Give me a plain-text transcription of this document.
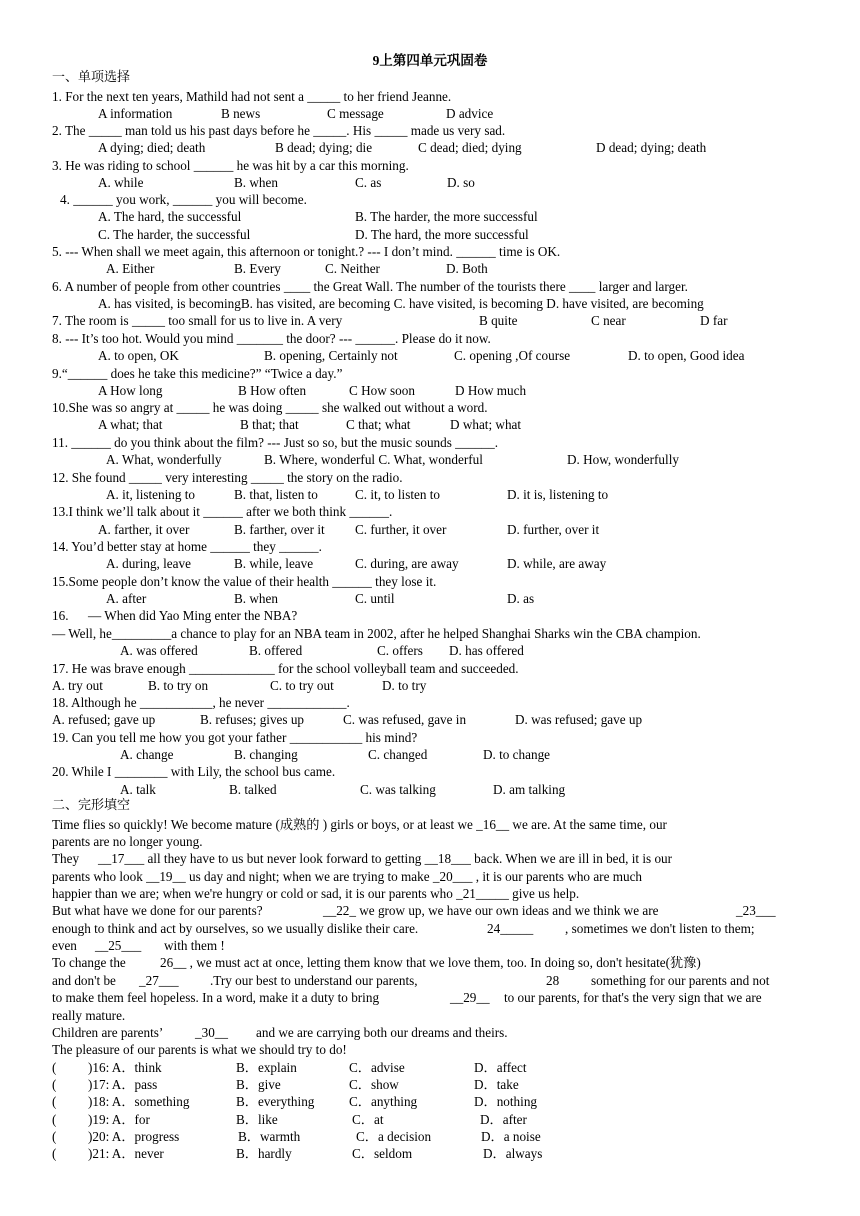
9上第四单元巩固卷
一、单项选择
1. For the next ten years, Mathild had not sent a _____ to her friend Jeanne.
A information	B news	C message	D advice
2. The _____ man told us his past days before he _____. His _____ made us very sad.
A dying; died; death	B dead; dying; die	C dead; died; dying	D dead; dying; death
3. He was riding to school ______ he was hit by a car this morning.
A. while	B. when	C. as	D. so
4. ______ you work, ______ you will become.
A. The hard, the successful	B. The harder, the more successful
C. The harder, the successful	D. The hard, the more successful
5. --- When shall we meet again, this afternoon or tonight.? --- I don’t mind. ______ time is OK.
A. Either	B. Every	C. Neither	D. Both
6. A number of people from other countries ____ the Great Wall. The number of the tourists there ____ larger and larger.
A. has visited, is becomingB. has visited, are becoming C. have visited, is becoming D. have visited, are becoming
7. The room is _____ too small for us to live in. A very	B quite	C near	D far
8. --- It’s too hot. Would you mind _______ the door? --- ______. Please do it now.
A. to open, OK	B. opening, Certainly not	C. opening ,Of course	D. to open, Good idea
9.“______ does he take this medicine?” “Twice a day.”
A How long	B How often	C How soon	D How much
10.She was so angry at _____ he was doing _____ she walked out without a word.
A what; that	B that; that	C that; what	D what; what
11. ______ do you think about the film? --- Just so so, but the music sounds ______.
A. What, wonderfully	B. Where, wonderful C. What, wonderful	D. How, wonderfully
12. She found _____ very interesting _____ the story on the radio.
A. it, listening to	B. that, listen to	C. it, to listen to	D. it is, listening to
13.I think we’ll talk about it ______ after we both think ______.
A. farther, it over	B. farther, over it C. further, it over	D. further, over it
14. You’d better stay at home ______ they ______.
A. during, leave	B. while, leave	C. during, are away	D. while, are away
15.Some people don’t know the value of their health ______ they lose it.
A. after	B. when	C. until	D. as
16. — When did Yao Ming enter the NBA?
— Well, he_________a chance to play for an NBA team in 2002, after he helped Shanghai Sharks win the CBA champion.
A. was offered	B. offered	C. offers D. has offered
17. He was brave enough _____________ for the school volleyball team and succeeded.
A. try out	B. to try on	C. to try out	D. to try
18. Although he ___________, he never ____________.
A. refused; gave up	B. refuses; gives up	C. was refused, gave in	D. was refused; gave up
19. Can you tell me how you got your father ___________ his mind?
A. change	B. changing	C. changed	D. to change
20. While I ________ with Lily, the school bus came.
A. talk	B. talked	C. was talking	D. am talking
二、完形填空
Time flies so quickly! We become mature (成熟的 ) girls or boys, or at least we _16__ we are. At the same time, our
parents are no longer young.
They __17___ all they have to us but never look forward to getting __18___ back. When we are ill in bed, it is our
parents who look __19__ us day and night; when we are trying to make _20___ , it is our parents who are much
happier than we are; when we're hungry or cold or sad, it is our parents who _21_____ give us help.
But what have we done for our parents?	__22_ we grow up, we have our own ideas and we think we are	_23___
enough to think and act by ourselves, so we usually dislike their care.	24_____ , sometimes we don't listen to them;
even __25___ with them !
To change the	26__ , we must act at once, letting them know that we love them, too. In doing so, don't hesitate(犹豫)
and don't be _27___ .Try our best to understand our parents,	28 something for our parents and not
to make them feel hopeless. In a word, make it a duty to bring	__29__ to our parents, for that's the very sign that we are
really mature.
Children are parents’ _30__ and we are carrying both our dreams and theirs.
The pleasure of our parents is what we should try to do!
( )16: A．think	B．explain	C．advise	D．affect
( )17: A．pass	B．give	C．show	D．take
( )18: A．something	B．everything	C．anything	D．nothing
( )19: A．for	B．like	C．at	D．after
( )20: A．progress	B．warmth	C．a decision	D．a noise
( )21: A．never	B．hardly	C．seldom	D．always
